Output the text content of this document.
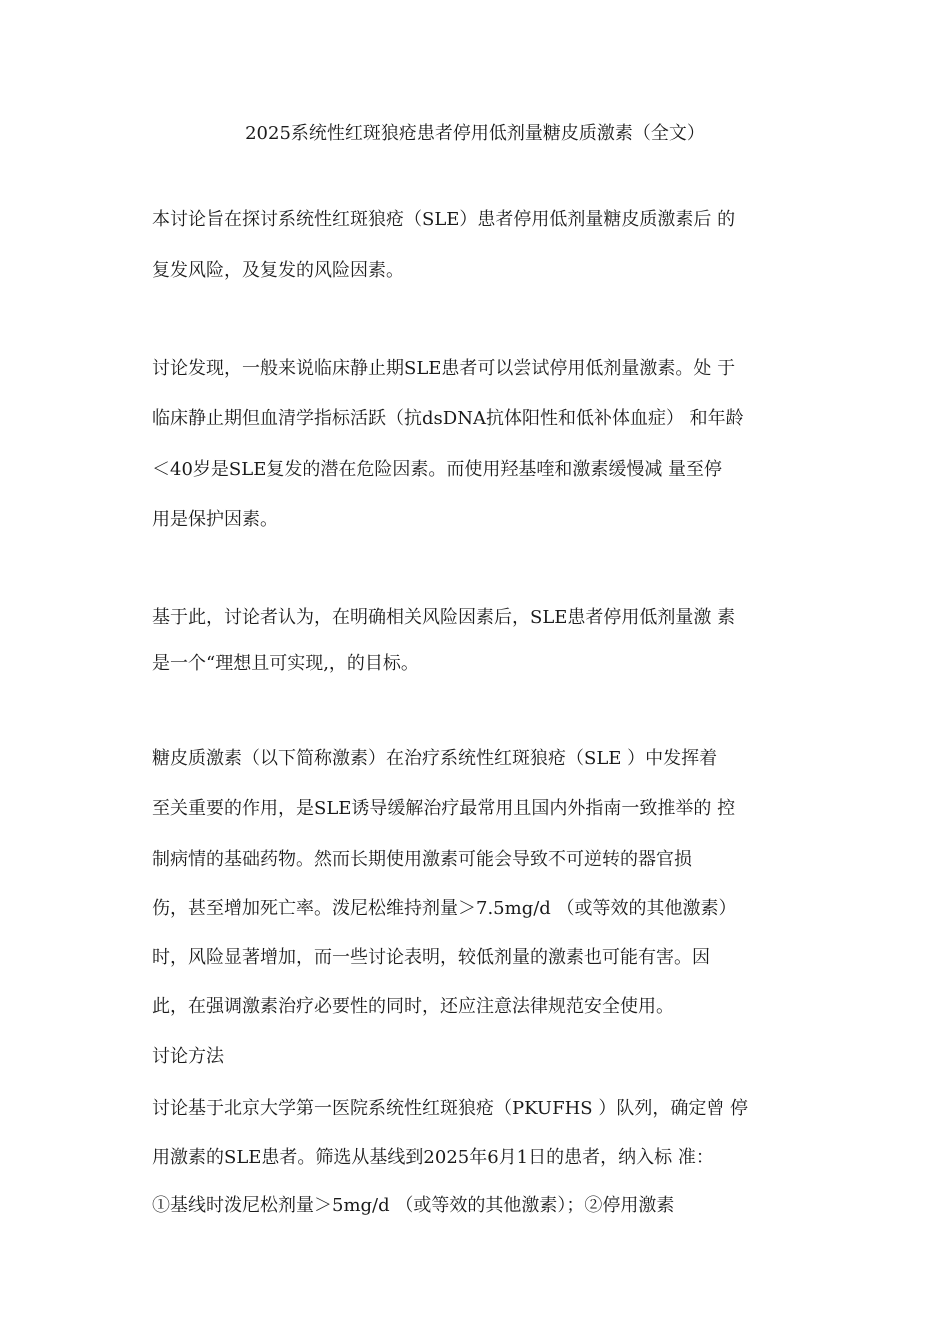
2025系统性红斑狼疮患者停用低剂量糖皮质激素（全文）
本讨论旨在探讨系统性红斑狼疮（SLE）患者停用低剂量糖皮质激素后 的
复发风险，及复发的风险因素。
讨论发现，一般来说临床静止期SLE患者可以尝试停用低剂量激素。处 于
临床静止期但血清学指标活跃（抗dsDNA抗体阳性和低补体血症） 和年龄
＜40岁是SLE复发的潜在危险因素。而使用羟基喹和激素缓慢减 量至停
用是保护因素。
基于此，讨论者认为，在明确相关风险因素后，SLE患者停用低剂量激 素
是一个“理想且可实现,，的目标。
糖皮质激素（以下简称激素）在治疗系统性红斑狼疮（SLE ）中发挥着
至关重要的作用，是SLE诱导缓解治疗最常用且国内外指南一致推举的 控
制病情的基础药物。然而长期使用激素可能会导致不可逆转的器官损
伤，甚至增加死亡率。泼尼松维持剂量＞7.5mg/d （或等效的其他激素）
时，风险显著增加，而一些讨论表明，较低剂量的激素也可能有害。因
此，在强调激素治疗必要性的同时，还应注意法律规范安全使用。
讨论方法
讨论基于北京大学第一医院系统性红斑狼疮（PKUFHS ）队列，确定曾 停
用激素的SLE患者。筛选从基线到2025年6月1日的患者，纳入标 准：
①基线时泼尼松剂量＞5mg/d （或等效的其他激素）；②停用激素
